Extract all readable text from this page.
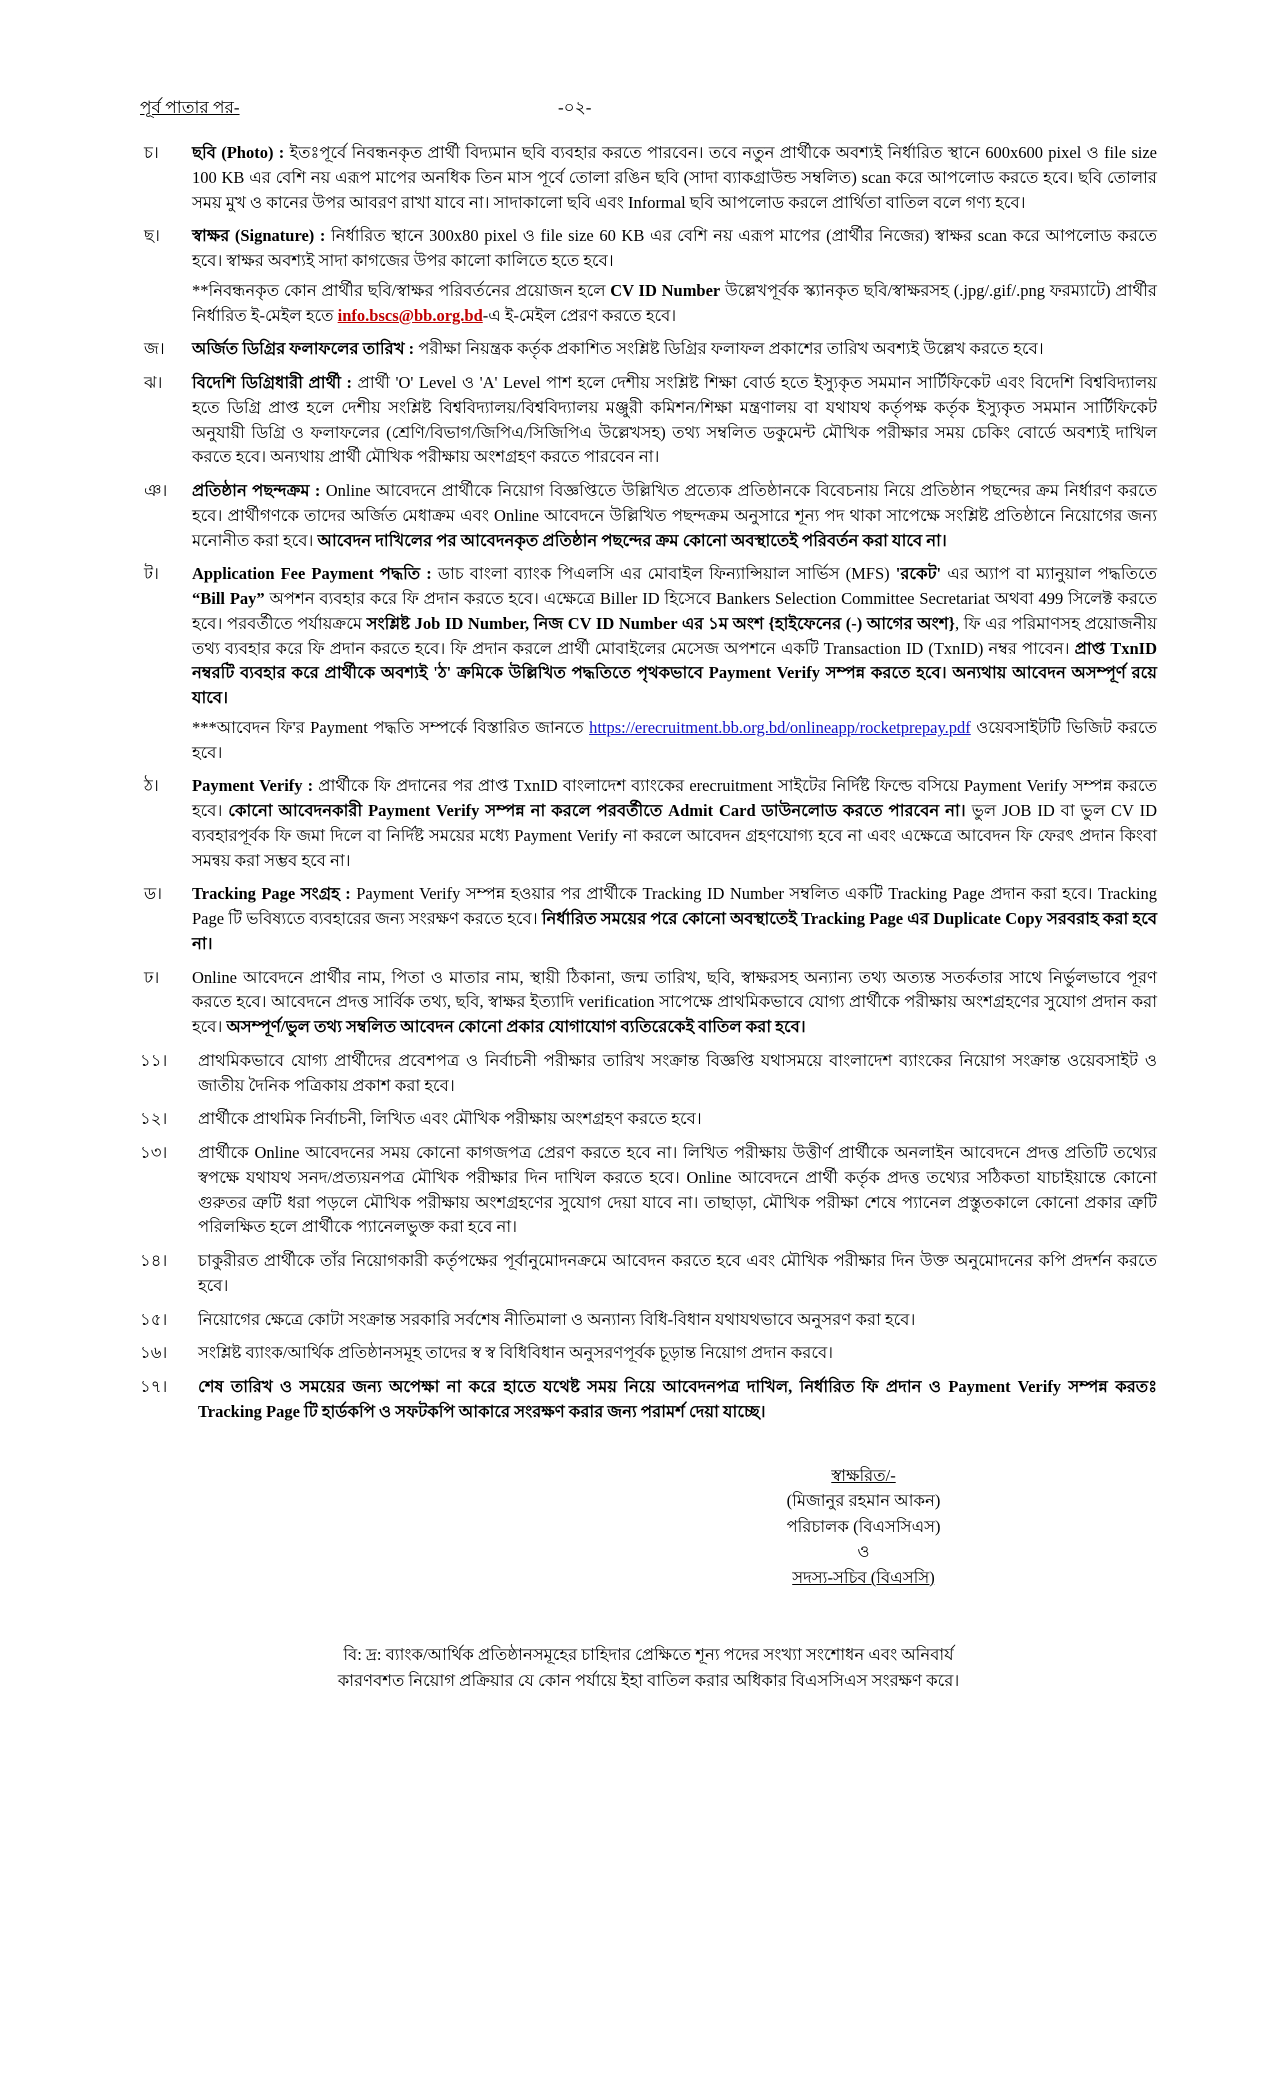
পূর্ব পাতার পর-	-০২-
চ।	ছবি (Photo) : ইতঃপূর্বে নিবন্ধনকৃত প্রার্থী বিদ্যমান ছবি ব্যবহার করতে পারবেন। তবে নতুন প্রার্থীকে অবশ্যই নির্ধারিত স্থানে 600x600 pixel ও file size 100 KB এর বেশি নয় এরূপ মাপের অনধিক তিন মাস পূর্বে তোলা রঙিন ছবি (সাদা ব্যাকগ্রাউন্ড সম্বলিত) scan করে আপলোড করতে হবে। ছবি তোলার সময় মুখ ও কানের উপর আবরণ রাখা যাবে না। সাদাকালো ছবি এবং Informal ছবি আপলোড করলে প্রার্থিতা বাতিল বলে গণ্য হবে।
ছ।	স্বাক্ষর (Signature) : নির্ধারিত স্থানে 300x80 pixel ও file size 60 KB এর বেশি নয় এরূপ মাপের (প্রার্থীর নিজের) স্বাক্ষর scan করে আপলোড করতে হবে। স্বাক্ষর অবশ্যই সাদা কাগজের উপর কালো কালিতে হতে হবে।
**নিবন্ধনকৃত কোন প্রার্থীর ছবি/স্বাক্ষর পরিবর্তনের প্রয়োজন হলে CV ID Number উল্লেখপূর্বক স্ক্যানকৃত ছবি/স্বাক্ষরসহ (.jpg/.gif/.png ফরম্যাটে) প্রার্থীর নির্ধারিত ই-মেইল হতে info.bscs@bb.org.bd-এ ই-মেইল প্রেরণ করতে হবে।
জ।	অর্জিত ডিগ্রির ফলাফলের তারিখ : পরীক্ষা নিয়ন্ত্রক কর্তৃক প্রকাশিত সংশ্লিষ্ট ডিগ্রির ফলাফল প্রকাশের তারিখ অবশ্যই উল্লেখ করতে হবে।
ঝ।	বিদেশি ডিগ্রিধারী প্রার্থী : প্রার্থী 'O' Level ও 'A' Level পাশ হলে দেশীয় সংশ্লিষ্ট শিক্ষা বোর্ড হতে ইস্যুকৃত সমমান সার্টিফিকেট এবং বিদেশি বিশ্ববিদ্যালয় হতে ডিগ্রি প্রাপ্ত হলে দেশীয় সংশ্লিষ্ট বিশ্ববিদ্যালয়/বিশ্ববিদ্যালয় মঞ্জুরী কমিশন/শিক্ষা মন্ত্রণালয় বা যথাযথ কর্তৃপক্ষ কর্তৃক ইস্যুকৃত সমমান সার্টিফিকেট অনুযায়ী ডিগ্রি ও ফলাফলের (শ্রেণি/বিভাগ/জিপিএ/সিজিপিএ উল্লেখসহ) তথ্য সম্বলিত ডকুমেন্ট মৌখিক পরীক্ষার সময় চেকিং বোর্ডে অবশ্যই দাখিল করতে হবে। অন্যথায় প্রার্থী মৌখিক পরীক্ষায় অংশগ্রহণ করতে পারবেন না।
ঞ।	প্রতিষ্ঠান পছন্দক্রম : Online আবেদনে প্রার্থীকে নিয়োগ বিজ্ঞপ্তিতে উল্লিখিত প্রত্যেক প্রতিষ্ঠানকে বিবেচনায় নিয়ে প্রতিষ্ঠান পছন্দের ক্রম নির্ধারণ করতে হবে। প্রার্থীগণকে তাদের অর্জিত মেধাক্রম এবং Online আবেদনে উল্লিখিত পছন্দক্রম অনুসারে শূন্য পদ থাকা সাপেক্ষে সংশ্লিষ্ট প্রতিষ্ঠানে নিয়োগের জন্য মনোনীত করা হবে। আবেদন দাখিলের পর আবেদনকৃত প্রতিষ্ঠান পছন্দের ক্রম কোনো অবস্থাতেই পরিবর্তন করা যাবে না।
ট।	Application Fee Payment পদ্ধতি : ডাচ বাংলা ব্যাংক পিএলসি এর মোবাইল ফিন্যান্সিয়াল সার্ভিস (MFS) 'রকেট' এর অ্যাপ বা ম্যানুয়াল পদ্ধতিতে “Bill Pay” অপশন ব্যবহার করে ফি প্রদান করতে হবে। এক্ষেত্রে Biller ID হিসেবে Bankers Selection Committee Secretariat অথবা 499 সিলেক্ট করতে হবে। পরবর্তীতে পর্যায়ক্রমে সংশ্লিষ্ট Job ID Number, নিজ CV ID Number এর ১ম অংশ {হাইফেনের (-) আগের অংশ}, ফি এর পরিমাণসহ প্রয়োজনীয় তথ্য ব্যবহার করে ফি প্রদান করতে হবে। ফি প্রদান করলে প্রার্থী মোবাইলের মেসেজ অপশনে একটি Transaction ID (TxnID) নম্বর পাবেন। প্রাপ্ত TxnID নম্বরটি ব্যবহার করে প্রার্থীকে অবশ্যই 'ঠ' ক্রমিকে উল্লিখিত পদ্ধতিতে পৃথকভাবে Payment Verify সম্পন্ন করতে হবে। অন্যথায় আবেদন অসম্পূর্ণ রয়ে যাবে।
***আবেদন ফি'র Payment পদ্ধতি সম্পর্কে বিস্তারিত জানতে https://erecruitment.bb.org.bd/onlineapp/rocketprepay.pdf ওয়েবসাইটটি ভিজিট করতে হবে।
ঠ।	Payment Verify : প্রার্থীকে ফি প্রদানের পর প্রাপ্ত TxnID বাংলাদেশ ব্যাংকের erecruitment সাইটের নির্দিষ্ট ফিল্ডে বসিয়ে Payment Verify সম্পন্ন করতে হবে। কোনো আবেদনকারী Payment Verify সম্পন্ন না করলে পরবর্তীতে Admit Card ডাউনলোড করতে পারবেন না। ভুল JOB ID বা ভুল CV ID ব্যবহারপূর্বক ফি জমা দিলে বা নির্দিষ্ট সময়ের মধ্যে Payment Verify না করলে আবেদন গ্রহণযোগ্য হবে না এবং এক্ষেত্রে আবেদন ফি ফেরৎ প্রদান কিংবা সমন্বয় করা সম্ভব হবে না।
ড।	Tracking Page সংগ্রহ : Payment Verify সম্পন্ন হওয়ার পর প্রার্থীকে Tracking ID Number সম্বলিত একটি Tracking Page প্রদান করা হবে। Tracking Page টি ভবিষ্যতে ব্যবহারের জন্য সংরক্ষণ করতে হবে। নির্ধারিত সময়ের পরে কোনো অবস্থাতেই Tracking Page এর Duplicate Copy সরবরাহ করা হবে না।
ঢ।	Online আবেদনে প্রার্থীর নাম, পিতা ও মাতার নাম, স্থায়ী ঠিকানা, জন্ম তারিখ, ছবি, স্বাক্ষরসহ অন্যান্য তথ্য অত্যন্ত সতর্কতার সাথে নির্ভুলভাবে পূরণ করতে হবে। আবেদনে প্রদত্ত সার্বিক তথ্য, ছবি, স্বাক্ষর ইত্যাদি verification সাপেক্ষে প্রাথমিকভাবে যোগ্য প্রার্থীকে পরীক্ষায় অংশগ্রহণের সুযোগ প্রদান করা হবে। অসম্পূর্ণ/ভুল তথ্য সম্বলিত আবেদন কোনো প্রকার যোগাযোগ ব্যতিরেকেই বাতিল করা হবে।
১১।	প্রাথমিকভাবে যোগ্য প্রার্থীদের প্রবেশপত্র ও নির্বাচনী পরীক্ষার তারিখ সংক্রান্ত বিজ্ঞপ্তি যথাসময়ে বাংলাদেশ ব্যাংকের নিয়োগ সংক্রান্ত ওয়েবসাইট ও জাতীয় দৈনিক পত্রিকায় প্রকাশ করা হবে।
১২।	প্রার্থীকে প্রাথমিক নির্বাচনী, লিখিত এবং মৌখিক পরীক্ষায় অংশগ্রহণ করতে হবে।
১৩।	প্রার্থীকে Online আবেদনের সময় কোনো কাগজপত্র প্রেরণ করতে হবে না। লিখিত পরীক্ষায় উত্তীর্ণ প্রার্থীকে অনলাইন আবেদনে প্রদত্ত প্রতিটি তথ্যের স্বপক্ষে যথাযথ সনদ/প্রত্যয়নপত্র মৌখিক পরীক্ষার দিন দাখিল করতে হবে। Online আবেদনে প্রার্থী কর্তৃক প্রদত্ত তথ্যের সঠিকতা যাচাইয়ান্তে কোনো গুরুতর ত্রুটি ধরা পড়লে মৌখিক পরীক্ষায় অংশগ্রহণের সুযোগ দেয়া যাবে না। তাছাড়া, মৌখিক পরীক্ষা শেষে প্যানেল প্রস্তুতকালে কোনো প্রকার ত্রুটি পরিলক্ষিত হলে প্রার্থীকে প্যানেলভুক্ত করা হবে না।
১৪।	চাকুরীরত প্রার্থীকে তাঁর নিয়োগকারী কর্তৃপক্ষের পূর্বানুমোদনক্রমে আবেদন করতে হবে এবং মৌখিক পরীক্ষার দিন উক্ত অনুমোদনের কপি প্রদর্শন করতে হবে।
১৫।	নিয়োগের ক্ষেত্রে কোটা সংক্রান্ত সরকারি সর্বশেষ নীতিমালা ও অন্যান্য বিধি-বিধান যথাযথভাবে অনুসরণ করা হবে।
১৬।	সংশ্লিষ্ট ব্যাংক/আর্থিক প্রতিষ্ঠানসমূহ তাদের স্ব স্ব বিধিবিধান অনুসরণপূর্বক চূড়ান্ত নিয়োগ প্রদান করবে।
১৭।	শেষ তারিখ ও সময়ের জন্য অপেক্ষা না করে হাতে যথেষ্ট সময় নিয়ে আবেদনপত্র দাখিল, নির্ধারিত ফি প্রদান ও Payment Verify সম্পন্ন করতঃ Tracking Page টি হার্ডকপি ও সফটকপি আকারে সংরক্ষণ করার জন্য পরামর্শ দেয়া যাচ্ছে।
স্বাক্ষরিত/-
(মিজানুর রহমান আকন)
পরিচালক (বিএসসিএস)
ও
সদস্য-সচিব (বিএসসি)
বি: দ্র: ব্যাংক/আর্থিক প্রতিষ্ঠানসমূহের চাহিদার প্রেক্ষিতে শূন্য পদের সংখ্যা সংশোধন এবং অনিবার্য
কারণবশত নিয়োগ প্রক্রিয়ার যে কোন পর্যায়ে ইহা বাতিল করার অধিকার বিএসসিএস সংরক্ষণ করে।
